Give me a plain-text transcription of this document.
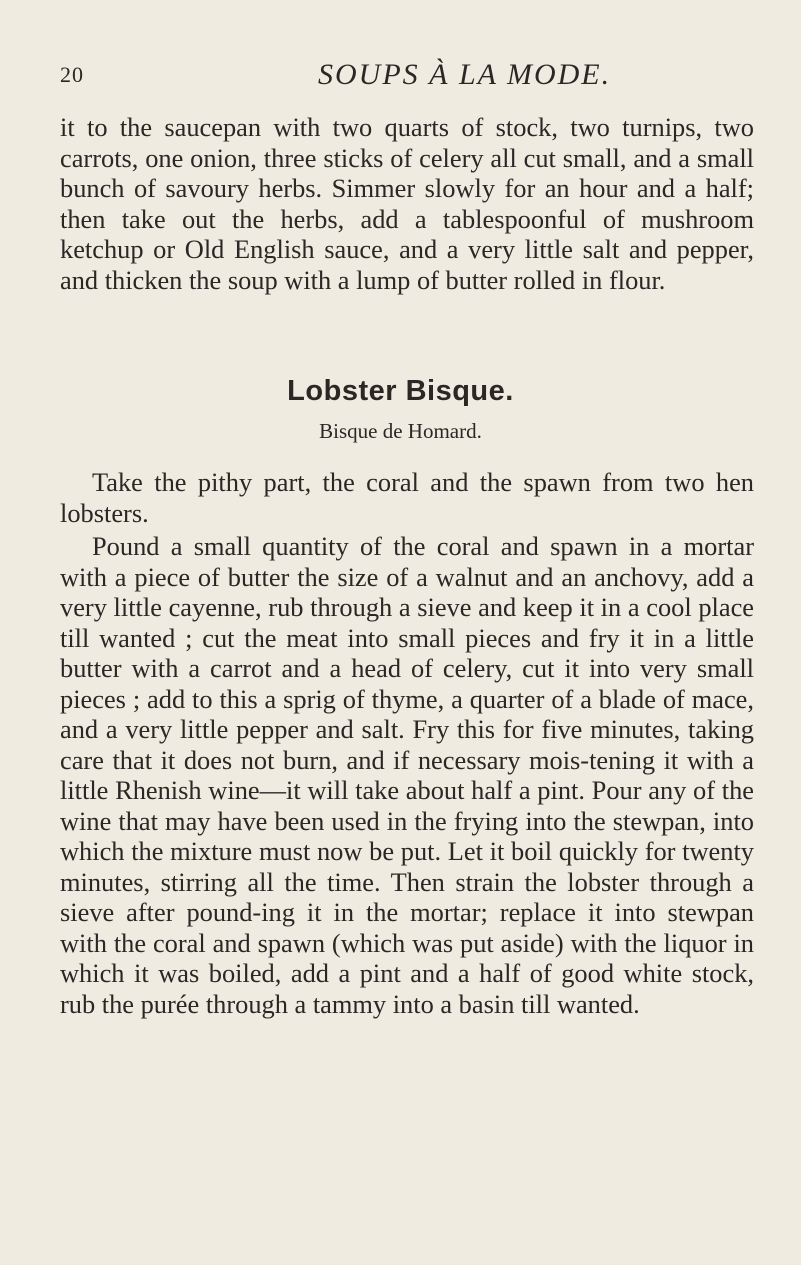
20	SOUPS À LA MODE.

it to the saucepan with two quarts of stock, two turnips, two carrots, one onion, three sticks of celery all cut small, and a small bunch of savoury herbs. Simmer slowly for an hour and a half; then take out the herbs, add a tablespoonful of mushroom ketchup or Old English sauce, and a very little salt and pepper, and thicken the soup with a lump of butter rolled in flour.

Lobster Bisque.
Bisque de Homard.

Take the pithy part, the coral and the spawn from two hen lobsters.

Pound a small quantity of the coral and spawn in a mortar with a piece of butter the size of a walnut and an anchovy, add a very little cayenne, rub through a sieve and keep it in a cool place till wanted ; cut the meat into small pieces and fry it in a little butter with a carrot and a head of celery, cut it into very small pieces ; add to this a sprig of thyme, a quarter of a blade of mace, and a very little pepper and salt. Fry this for five minutes, taking care that it does not burn, and if necessary mois-tening it with a little Rhenish wine—it will take about half a pint. Pour any of the wine that may have been used in the frying into the stewpan, into which the mixture must now be put. Let it boil quickly for twenty minutes, stirring all the time. Then strain the lobster through a sieve after pound-ing it in the mortar; replace it into stewpan with the coral and spawn (which was put aside) with the liquor in which it was boiled, add a pint and a half of good white stock, rub the purée through a tammy into a basin till wanted.
